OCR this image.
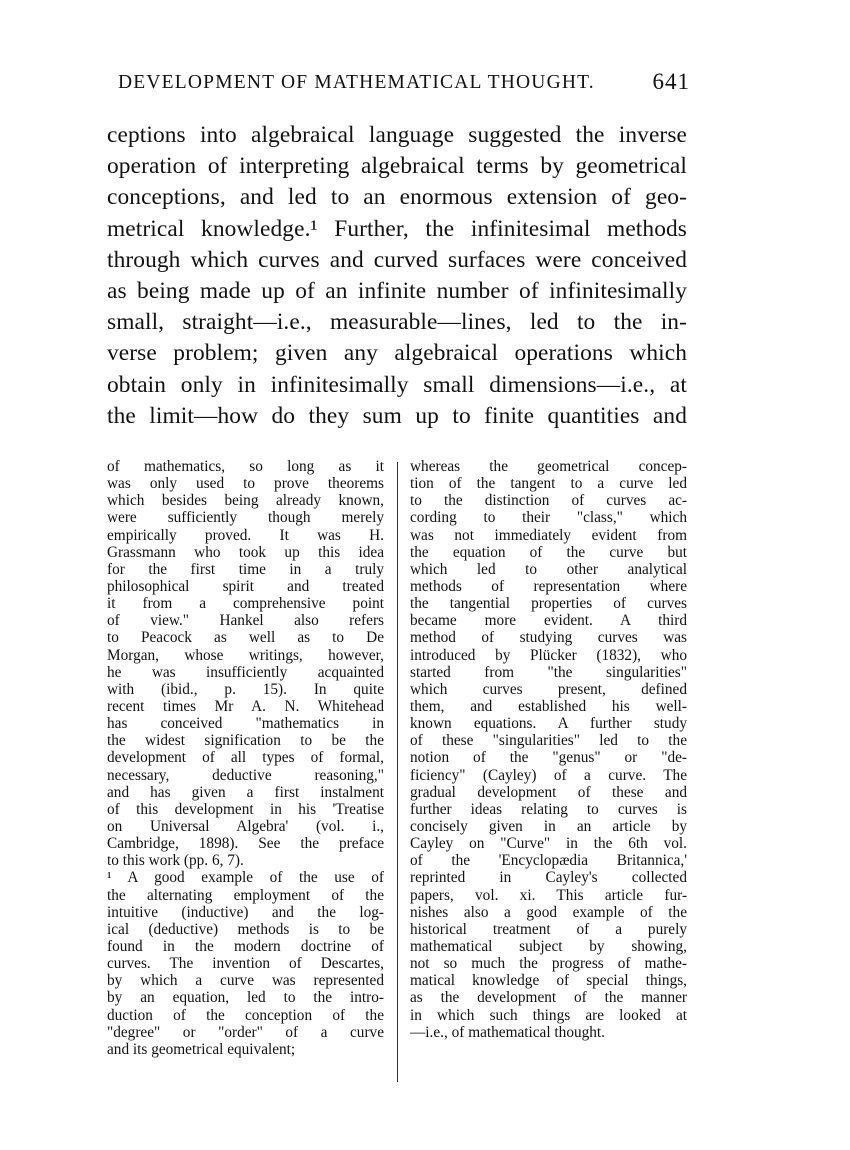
DEVELOPMENT OF MATHEMATICAL THOUGHT.	641
ceptions into algebraical language suggested the inverse
operation of interpreting algebraical terms by geometrical
conceptions, and led to an enormous extension of geo-
metrical knowledge.¹ Further, the infinitesimal methods
through which curves and curved surfaces were conceived
as being made up of an infinite number of infinitesimally
small, straight—i.e., measurable—lines, led to the in-
verse problem; given any algebraical operations which
obtain only in infinitesimally small dimensions—i.e., at
the limit—how do they sum up to finite quantities and
of mathematics, so long as it
was only used to prove theorems
which besides being already known,
were sufficiently though merely
empirically proved. It was H.
Grassmann who took up this idea
for the first time in a truly
philosophical spirit and treated
it from a comprehensive point
of view." Hankel also refers
to Peacock as well as to De
Morgan, whose writings, however,
he was insufficiently acquainted
with (ibid., p. 15). In quite
recent times Mr A. N. Whitehead
has conceived "mathematics in
the widest signification to be the
development of all types of formal,
necessary, deductive reasoning,"
and has given a first instalment
of this development in his 'Treatise
on Universal Algebra' (vol. i.,
Cambridge, 1898). See the preface
to this work (pp. 6, 7).
¹ A good example of the use of
the alternating employment of the
intuitive (inductive) and the log-
ical (deductive) methods is to be
found in the modern doctrine of
curves. The invention of Descartes,
by which a curve was represented
by an equation, led to the intro-
duction of the conception of the
"degree" or "order" of a curve
and its geometrical equivalent;
whereas the geometrical concep-
tion of the tangent to a curve led
to the distinction of curves ac-
cording to their "class," which
was not immediately evident from
the equation of the curve but
which led to other analytical
methods of representation where
the tangential properties of curves
became more evident. A third
method of studying curves was
introduced by Plücker (1832), who
started from "the singularities"
which curves present, defined
them, and established his well-
known equations. A further study
of these "singularities" led to the
notion of the "genus" or "de-
ficiency" (Cayley) of a curve. The
gradual development of these and
further ideas relating to curves is
concisely given in an article by
Cayley on "Curve" in the 6th vol.
of the 'Encyclopædia Britannica,'
reprinted in Cayley's collected
papers, vol. xi. This article fur-
nishes also a good example of the
historical treatment of a purely
mathematical subject by showing,
not so much the progress of mathe-
matical knowledge of special things,
as the development of the manner
in which such things are looked at
—i.e., of mathematical thought.
